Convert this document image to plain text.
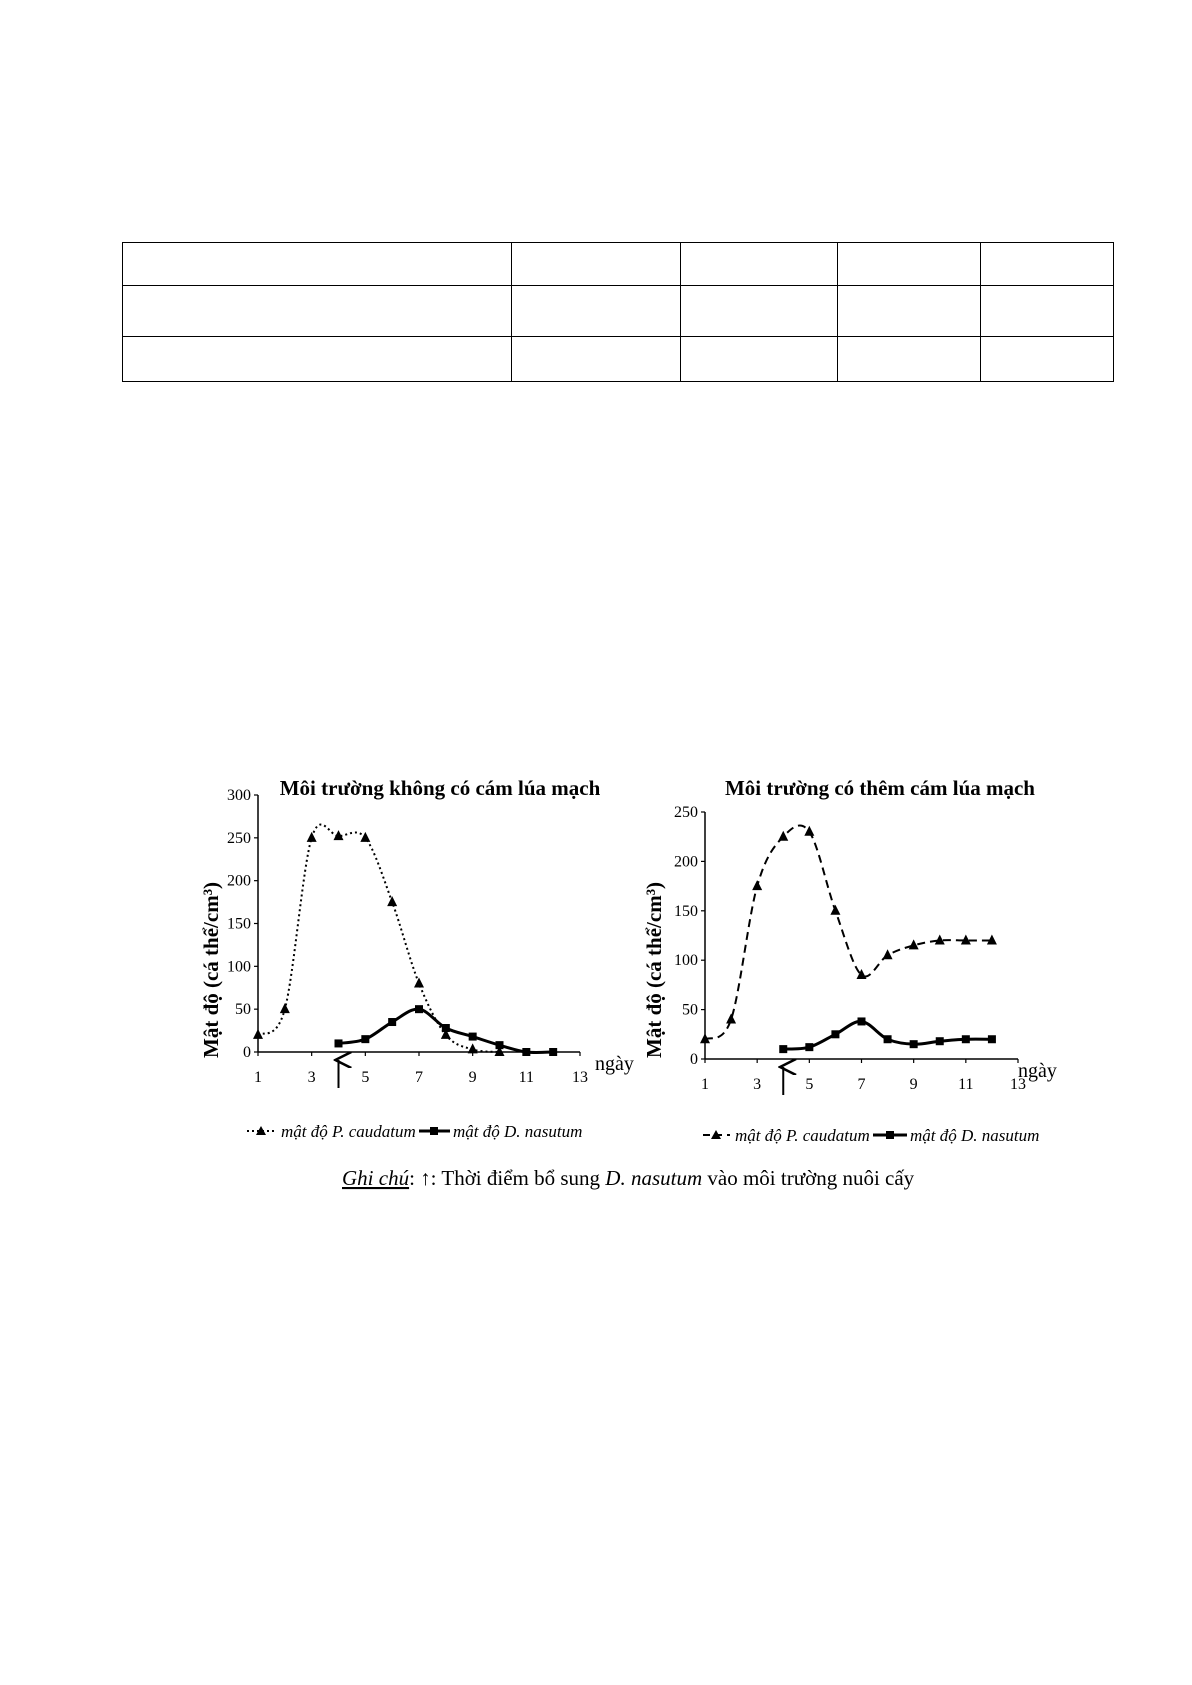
Môi trường không có cám lúa mạch
Mật độ (cá thể/cm³)
ngày
Môi trường có thêm cám lúa mạch
Mật độ (cá thể/cm³)
ngày
mật độ P. caudatum mật độ D. nasutum	mật độ P. caudatum mật độ D. nasutum
Ghi chú: ↑: Thời điểm bổ sung D. nasutum vào môi trường nuôi cấy
0
50
100
150
200
250
300
1	3	5	7	9	11 13
0
50
100
150
200
250
1	3	5	7	9	11 13
